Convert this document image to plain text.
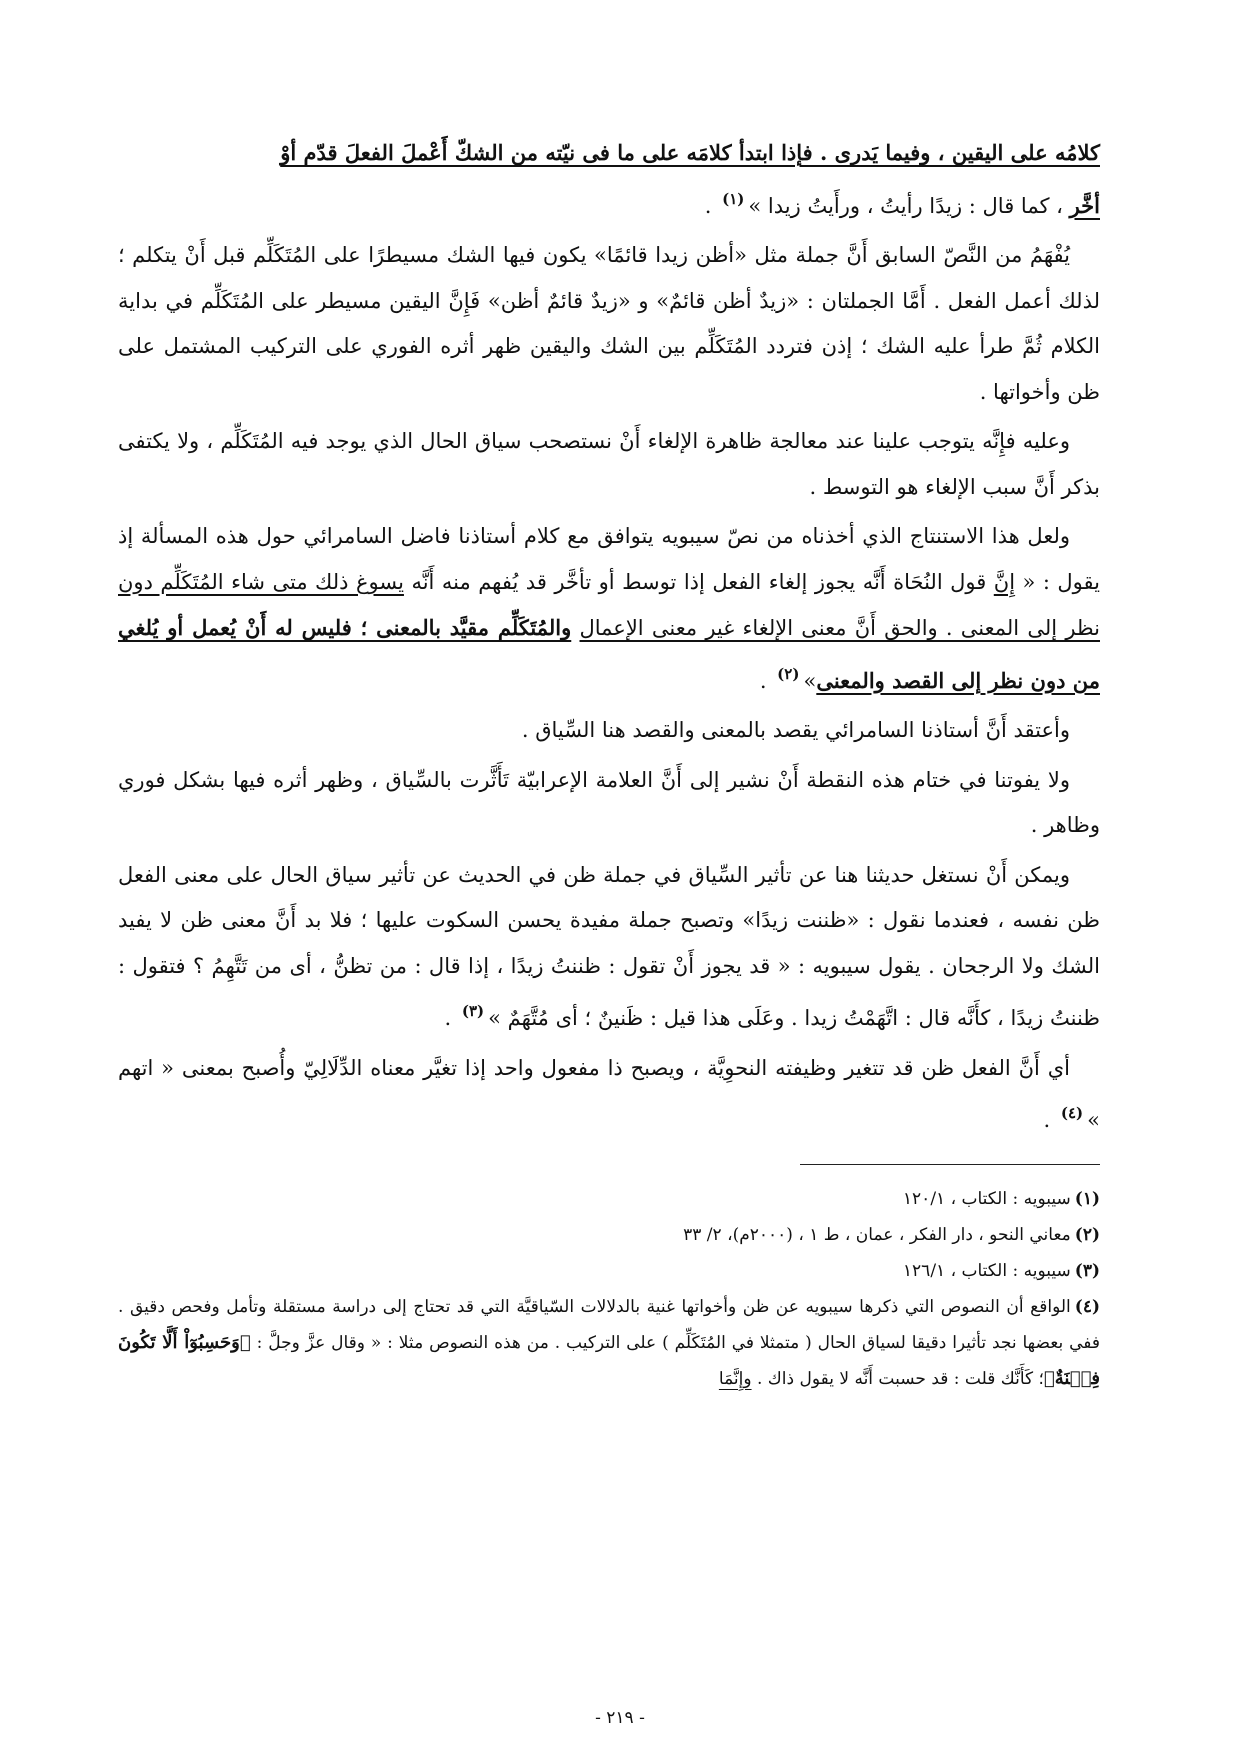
كلامُه على اليقين ، وفيما يَدرى . فإذا ابتدأ كلامَه على ما فى نيّته من الشكّ أَعْملَ الفعلَ قدّم أوْ
أخَّر ، كما قال : زيدًا رأيتُ ، ورأَيتُ زيدا »$^{(١)}$ .

يُفْهَمُ من النَّصّ السابق أَنَّ جملة مثل «أظن زيدا قائمًا» يكون فيها الشك مسيطرًا على المُتَكَلِّم قبل أَنْ يتكلم ؛ لذلك أعمل الفعل . أَمَّا الجملتان : «زيدٌ أظن قائمٌ» و «زيدٌ قائمٌ أظن» فَإِنَّ اليقين مسيطر على المُتَكَلِّم في بداية الكلام ثُمَّ طرأ عليه الشك ؛ إذن فتردد المُتَكَلِّم بين الشك واليقين ظهر أثره الفوري على التركيب المشتمل على ظن وأخواتها .

وعليه فإِنَّه يتوجب علينا عند معالجة ظاهرة الإلغاء أَنْ نستصحب سياق الحال الذي يوجد فيه المُتَكَلِّم ، ولا يكتفى بذكر أَنَّ سبب الإلغاء هو التوسط .

ولعل هذا الاستنتاج الذي أخذناه من نصّ سيبويه يتوافق مع كلام أستاذنا فاضل السامرائي حول هذه المسألة إذ يقول : « إِنَّ قول النُحَاة أَنَّه يجوز إلغاء الفعل إذا توسط أو تأخَّر قد يُفهم منه أَنَّه يسوغ ذلك متى شاء المُتَكَلِّم دون نظر إلى المعنى . والحق أَنَّ معنى الإلغاء غير معنى الإعمال والمُتَكَلِّم مقيَّد بالمعنى ؛ فليس له أَنْ يُعمل أو يُلغي من دون نظر إلى القصد والمعنى»$^{(٢)}$ .

وأعتقد أَنَّ أستاذنا السامرائي يقصد بالمعنى والقصد هنا السِّياق .

ولا يفوتنا في ختام هذه النقطة أَنْ نشير إلى أَنَّ العلامة الإعرابيّة تَأَثَّرت بالسِّياق ، وظهر أثره فيها بشكل فوري وظاهر .

ويمكن أَنْ نستغل حديثنا هنا عن تأثير السِّياق في جملة ظن في الحديث عن تأثير سياق الحال على معنى الفعل ظن نفسه ، فعندما نقول : «ظننت زيدًا» وتصبح جملة مفيدة يحسن السكوت عليها ؛ فلا بد أَنَّ معنى ظن لا يفيد الشك ولا الرجحان . يقول سيبويه : « قد يجوز أَنْ تقول : ظننتُ زيدًا ، إذا قال : من تظنُّ ، أى من تَتَّهِمُ ؟ فتقول : ظننتُ زيدًا ، كأَنَّه قال : اتَّهَمْتُ زيدا . وعَلَى هذا قيل : ظَنينٌ ؛ أى مُتَّهَمٌ »$^{(٣)}$ .

أي أَنَّ الفعل ظن قد تتغير وظيفته النحوِيَّة ، ويصبح ذا مفعول واحد إذا تغيَّر معناه الدِّلَالِيّ وأُصبح بمعنى « اتهم »$^{(٤)}$ .

(١)سيبويه : الكتاب ، ١٢٠/١

(٢)معاني النحو ، دار الفكر ، عمان ، ط ١ ، (٢٠٠٠م)، ٢/ ٣٣

(٣)سيبويه : الكتاب ، ١٢٦/١

(٤)الواقع أن النصوص التي ذكرها سيبويه عن ظن وأخواتها غنية بالدلالات السّياقيَّة التي قد تحتاج إلى دراسة مستقلة وتأمل وفحص دقيق . ففي بعضها نجد تأثيرا دقيقا لسياق الحال ( متمثلا في المُتَكَلِّم ) على التركيب . من هذه النصوص مثلا : « وقال عزَّ وجلَّ : ﴿وَحَسِبُوٓاْ أَلَّا تَكُونَ فِتۡنَةٌ﴾؛ كَأَنَّك قلت : قد حسبت أَنَّه لا يقول ذاك . وإِنَّمَا

- ٢١٩ -
